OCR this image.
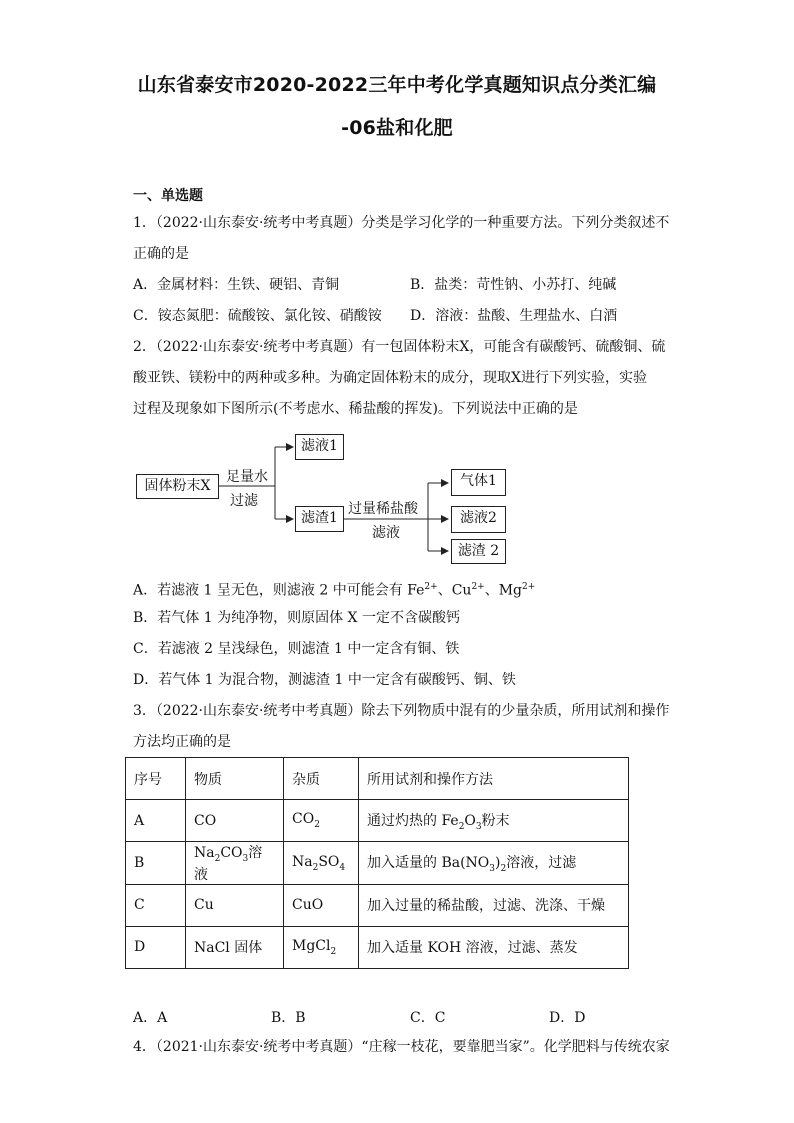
山东省泰安市2020-2022三年中考化学真题知识点分类汇编
-06盐和化肥
一、单选题
1．（2022·山东泰安·统考中考真题）分类是学习化学的一种重要方法。下列分类叙述不
正确的是
A．金属材料：生铁、硬铝、青铜	B．盐类：苛性钠、小苏打、纯碱
C．铵态氮肥：硫酸铵、氯化铵、硝酸铵 D．溶液：盐酸、生理盐水、白酒
2．（2022·山东泰安·统考中考真题）有一包固体粉末X，可能含有碳酸钙、硫酸铜、硫
酸亚铁、镁粉中的两种或多种。为确定固体粉末的成分，现取X进行下列实验，实验
过程及现象如下图所示(不考虑水、稀盐酸的挥发)。下列说法中正确的是
固体粉末X
足量水
过滤
滤液1
滤渣1
过量稀盐酸
滤液
气体1
滤液2
滤渣 2
A．若滤液 1 呈无色，则滤液 2 中可能会有 $Fe^{2+}$、$Cu^{2+}$、$Mg^{2+}$
B．若气体 1 为纯净物，则原固体 X 一定不含碳酸钙
C．若滤液 2 呈浅绿色，则滤渣 1 中一定含有铜、铁
D．若气体 1 为混合物，测滤渣 1 中一定含有碳酸钙、铜、铁
3．（2022·山东泰安·统考中考真题）除去下列物质中混有的少量杂质，所用试剂和操作
方法均正确的是
序号	物质	杂质	所用试剂和操作方法
A	CO	$CO_2$	通过灼热的 $Fe_2O_3$粉末
B	$Na_2CO_3$溶液	$Na_2SO_4$	加入适量的 $Ba(NO_3)_2$溶液，过滤
C	Cu	CuO	加入过量的稀盐酸，过滤、洗涤、干燥
D	NaCl 固体	MgCl$_2$	加入适量 KOH 溶液，过滤、蒸发
A．A	B．B	C．C	D．D
4．（2021·山东泰安·统考中考真题）“庄稼一枝花，要靠肥当家”。化学肥料与传统农家
